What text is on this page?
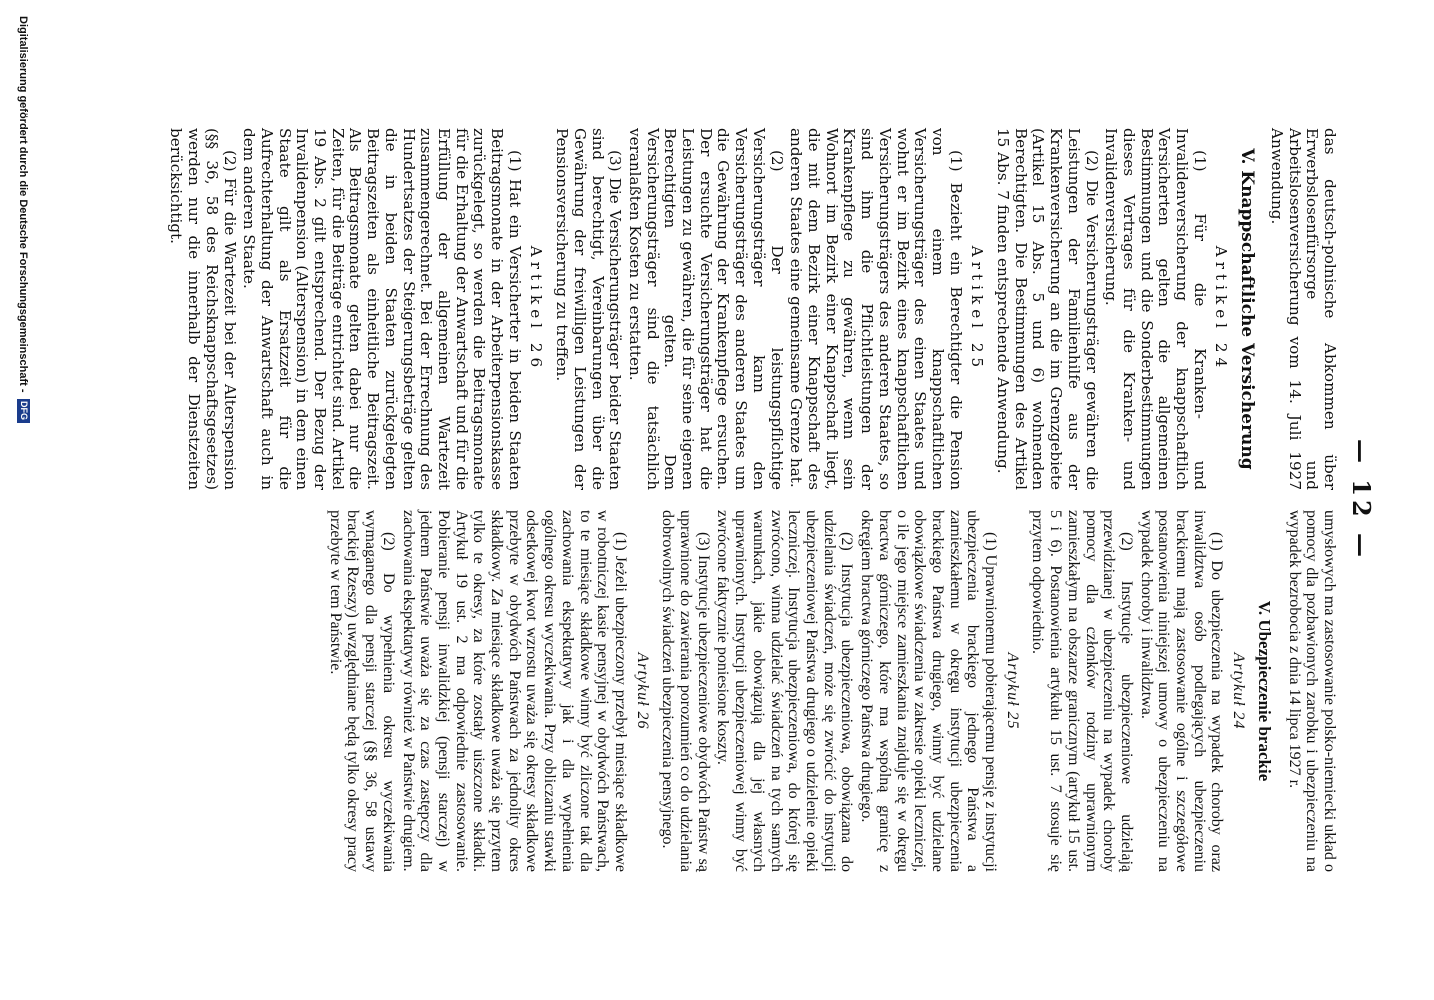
— 12 —

das deutsch-polnische Abkommen über Erwerbslosenfürsorge und Arbeitslosenversicherung vom 14. Juli 1927 Anwendung.

V. Knappschaftliche Versicherung
Artikel 24

(1) Für die Kranken- und Invalidenversicherung der knappschaftlich Versicherten gelten die allgemeinen Bestimmungen und die Sonderbestimmungen dieses Vertrages für die Kranken- und Invalidenversicherung.

(2) Die Versicherungsträger gewähren die Leistungen der Familienhilfe aus der Krankenversicherung an die im Grenzgebiete (Artikel 15 Abs. 5 und 6) wohnenden Berechtigten. Die Bestimmungen des Artikel 15 Abs. 7 finden entsprechende Anwendung.

Artikel 25

(1) Bezieht ein Berechtigter die Pension von einem knappschaftlichen Versicherungsträger des einen Staates und wohnt er im Bezirk eines knappschaftlichen Versicherungsträgers des anderen Staates, so sind ihm die Pflichtleistungen der Krankenpflege zu gewähren, wenn sein Wohnort im Bezirk einer Knappschaft liegt, die mit dem Bezirk einer Knappschaft des anderen Staates eine gemeinsame Grenze hat.

(2) Der leistungspflichtige Versicherungsträger kann den Versicherungsträger des anderen Staates um die Gewährung der Krankenpflege ersuchen. Der ersuchte Versicherungsträger hat die Leistungen zu gewähren, die für seine eigenen Berechtigten gelten. Dem Versicherungsträger sind die tatsächlich veranlaßten Kosten zu erstatten.

(3) Die Versicherungsträger beider Staaten sind berechtigt, Vereinbarungen über die Gewährung der freiwilligen Leistungen der Pensionsversicherung zu treffen.

Artikel 26

(1) Hat ein Versicherter in beiden Staaten Beitragsmonate in der Arbeiterpensionskasse zurückgelegt, so werden die Beitragsmonate für die Erhaltung der Anwartschaft und für die Erfüllung der allgemeinen Wartezeit zusammengerechnet. Bei der Errechnung des Hundertsatzes der Steigerungsbeträge gelten die in beiden Staaten zurückgelegten Beitragszeiten als einheitliche Beitragszeit. Als Beitragsmonate gelten dabei nur die Zeiten, für die Beiträge entrichtet sind. Artikel 19 Abs. 2 gilt entsprechend. Der Bezug der Invalidenpension (Alterspension) in dem einen Staate gilt als Ersatzzeit für die Aufrechterhaltung der Anwartschaft auch in dem anderen Staate.

(2) Für die Wartezeit bei der Alterspension (§§ 36, 58 des Reichsknappschaftsgesetzes) werden nur die innerhalb der Dienstzeiten berücksichtigt.

umysłowych ma zastosowanie polsko-niemiecki układ o pomocy dla pozbawionych zarobku i ubezpieczeniu na wypadek bezrobocia z dnia 14 lipca 1927 r.

V. Ubezpieczenie brackie
Artykuł 24

(1) Do ubezpieczenia na wypadek choroby oraz inwalidztwa osób podlegających ubezpieczeniu brackiemu mają zastosowanie ogólne i szczegółowe postanowienia niniejszej umowy o ubezpieczeniu na wypadek choroby i inwalidztwa.

(2) Instytucje ubezpieczeniowe udzielają przewidzianej w ubezpieczeniu na wypadek choroby pomocy dla członków rodziny uprawnionym zamieszkałym na obszarze granicznym (artykuł 15 ust. 5 i 6). Postanowienia artykułu 15 ust. 7 stosuje się przytem odpowiednio.

Artykuł 25

(1) Uprawnionemu pobierającemu pensję z instytucji ubezpieczenia brackiego jednego Państwa a zamieszkałemu w okręgu instytucji ubezpieczenia brackiego Państwa drugiego, winny być udzielane obowiązkowe świadczenia w zakresie opieki leczniczej, o ile jego miejsce zamieszkania znajduje się w okręgu bractwa górniczego, które ma wspólną granicę z okręgiem bractwa górniczego Państwa drugiego.

(2) Instytucja ubezpieczeniowa, obowiązana do udzielania świadczeń, może się zwrócić do instytucji ubezpieczeniowej Państwa drugiego o udzielenie opieki leczniczej. Instytucja ubezpieczeniowa, do której się zwrócono, winna udzielać świadczeń na tych samych warunkach, jakie obowiązują dla jej własnych uprawnionych. Instytucji ubezpieczeniowej winny być zwrócone faktycznie poniesione koszty.

(3) Instytucje ubezpieczeniowe obydwóch Państw są uprawnione do zawierania porozumień co do udzielania dobrowolnych świadczeń ubezpieczenia pensyjnego.

Artykuł 26

(1) Jeżeli ubezpieczony przebył miesiące składkowe w robotniczej kasie pensyjnej w obydwóch Państwach, to te miesiące składkowe winny być zliczone tak dla zachowania ekspektatywy jak i dla wypełnienia ogólnego okresu wyczekiwania. Przy obliczaniu stawki odsetkowej kwot wzrostu uważa się okresy składkowe przebyte w obydwóch Państwach za jednolity okres składkowy. Za miesiące składkowe uważa się przytem tylko te okresy, za które zostały uiszczone składki. Artykuł 19 ust. 2 ma odpowiednie zastosowanie. Pobieranie pensji inwalidzkiej (pensji starczej) w jednem Państwie uważa się za czas zastępczy dla zachowania ekspektatywy również w Państwie drugiem.

(2) Do wypełnienia okresu wyczekiwania wymaganego dla pensji starczej (§§ 36, 58 ustawy brackiej Rzeszy) uwzględniane będą tylko okresy pracy przebyte w tem Państwie.

Digitalisierung gefördert durch die Deutsche Forschungsgemeinschaft -
DFG
